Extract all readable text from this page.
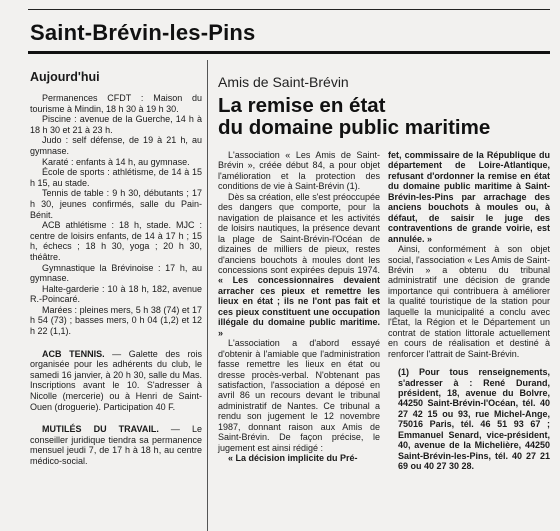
Saint-Brévin-les-Pins
Aujourd'hui

Permanences CFDT : Maison du tourisme à Mindin, 18 h 30 à 19 h 30.

Piscine : avenue de la Guerche, 14 h à 18 h 30 et 21 à 23 h.

Judo : self défense, de 19 à 21 h, au gymnase.

Karaté : enfants à 14 h, au gymnase.

École de sports : athlétisme, de 14 à 15 h 15, au stade.

Tennis de table : 9 h 30, débutants ; 17 h 30, jeunes confirmés, salle du Pain-Bénit.

ACB athlétisme : 18 h, stade. MJC : centre de loisirs enfants, de 14 à 17 h ; 15 h, échecs ; 18 h 30, yoga ; 20 h 30, théâtre.

Gymnastique la Brévinoise : 17 h, au gymnase.

Halte-garderie : 10 à 18 h, 182, avenue R.-Poincaré.

Marées : pleines mers, 5 h 38 (74) et 17 h 54 (73) ; basses mers, 0 h 04 (1,2) et 12 h 22 (1,1).

ACB TENNIS. — Galette des rois organisée pour les adhérents du club, le samedi 16 janvier, à 20 h 30, salle du Mas. Inscriptions avant le 10. S'adresser à Nicolle (mercerie) ou à Henri de Saint-Ouen (droguerie). Participation 40 F.

MUTILÉS DU TRAVAIL. — Le conseiller juridique tiendra sa permanence mensuel jeudi 7, de 17 h à 18 h, au centre médico-social.

Amis de Saint-Brévin
La remise en état
du domaine public maritime

L'association « Les Amis de Saint-Brévin », créée début 84, a pour objet l'amélioration et la protection des conditions de vie à Saint-Brévin (1).

Dès sa création, elle s'est préoccupée des dangers que comporte, pour la navigation de plaisance et les activités de loisirs nautiques, la présence devant la plage de Saint-Brévin-l'Océan de dizaines de milliers de pieux, restes d'anciens bouchots à moules dont les concessions sont expirées depuis 1974. « Les concessionnaires devaient arracher ces pieux et remettre les lieux en état ; ils ne l'ont pas fait et ces pieux constituent une occupation illégale du domaine public maritime. »

L'association a d'abord essayé d'obtenir à l'amiable que l'administration fasse remettre les lieux en état ou dresse procès-verbal. N'obtenant pas satisfaction, l'association a déposé en avril 86 un recours devant le tribunal administratif de Nantes. Ce tribunal a rendu son jugement le 12 novembre 1987, donnant raison aux Amis de Saint-Brévin. De façon précise, le jugement est ainsi rédigé :

« La décision implicite du Pré-

fet, commissaire de la République du département de Loire-Atlantique, refusant d'ordonner la remise en état du domaine public maritime à Saint-Brévin-les-Pins par arrachage des anciens bouchots à moules ou, à défaut, de saisir le juge des contraventions de grande voirie, est annulée. »

Ainsi, conformément à son objet social, l'association « Les Amis de Saint-Brévin » a obtenu du tribunal administratif une décision de grande importance qui contribuera à améliorer la qualité touristique de la station pour laquelle la municipalité a conclu avec l'État, la Région et le Département un contrat de station littorale actuellement en cours de réalisation et destiné à renforcer l'attrait de Saint-Brévin.

(1) Pour tous renseignements, s'adresser à : René Durand, président, 18, avenue du Bolvre, 44250 Saint-Brévin-l'Océan, tél. 40 27 42 15 ou 93, rue Michel-Ange, 75016 Paris, tél. 46 51 93 67 ; Emmanuel Senard, vice-président, 40, avenue de la Michelière, 44250 Saint-Brévin-les-Pins, tél. 40 27 21 69 ou 40 27 30 28.
